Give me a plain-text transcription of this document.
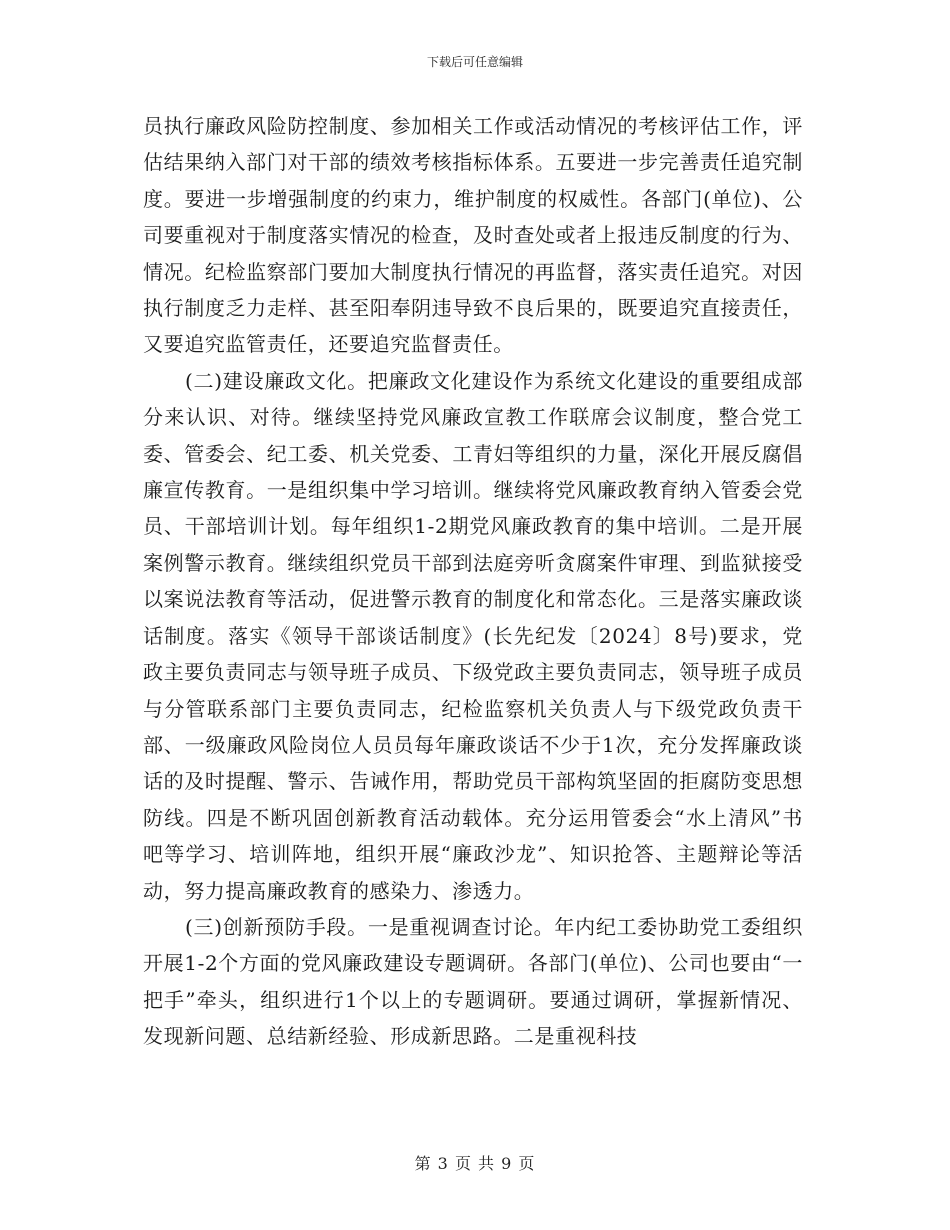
下载后可任意编辑

员执行廉政风险防控制度、参加相关工作或活动情况的考核评估工作，评估结果纳入部门对干部的绩效考核指标体系。五要进一步完善责任追究制度。要进一步增强制度的约束力，维护制度的权威性。各部门(单位)、公司要重视对于制度落实情况的检查，及时查处或者上报违反制度的行为、情况。纪检监察部门要加大制度执行情况的再监督，落实责任追究。对因执行制度乏力走样、甚至阳奉阴违导致不良后果的，既要追究直接责任，又要追究监管责任，还要追究监督责任。

(二)建设廉政文化。把廉政文化建设作为系统文化建设的重要组成部分来认识、对待。继续坚持党风廉政宣教工作联席会议制度，整合党工委、管委会、纪工委、机关党委、工青妇等组织的力量，深化开展反腐倡廉宣传教育。一是组织集中学习培训。继续将党风廉政教育纳入管委会党员、干部培训计划。每年组织1-2期党风廉政教育的集中培训。二是开展案例警示教育。继续组织党员干部到法庭旁听贪腐案件审理、到监狱接受以案说法教育等活动，促进警示教育的制度化和常态化。三是落实廉政谈话制度。落实《领导干部谈话制度》(长先纪发〔2024〕8号)要求，党政主要负责同志与领导班子成员、下级党政主要负责同志，领导班子成员与分管联系部门主要负责同志，纪检监察机关负责人与下级党政负责干部、一级廉政风险岗位人员员每年廉政谈话不少于1次，充分发挥廉政谈话的及时提醒、警示、告诫作用，帮助党员干部构筑坚固的拒腐防变思想防线。四是不断巩固创新教育活动载体。充分运用管委会“水上清风”书吧等学习、培训阵地，组织开展“廉政沙龙”、知识抢答、主题辩论等活动，努力提高廉政教育的感染力、渗透力。

(三)创新预防手段。一是重视调查讨论。年内纪工委协助党工委组织开展1-2个方面的党风廉政建设专题调研。各部门(单位)、公司也要由“一把手”牵头，组织进行1个以上的专题调研。要通过调研，掌握新情况、发现新问题、总结新经验、形成新思路。二是重视科技

第 3 页 共 9 页
